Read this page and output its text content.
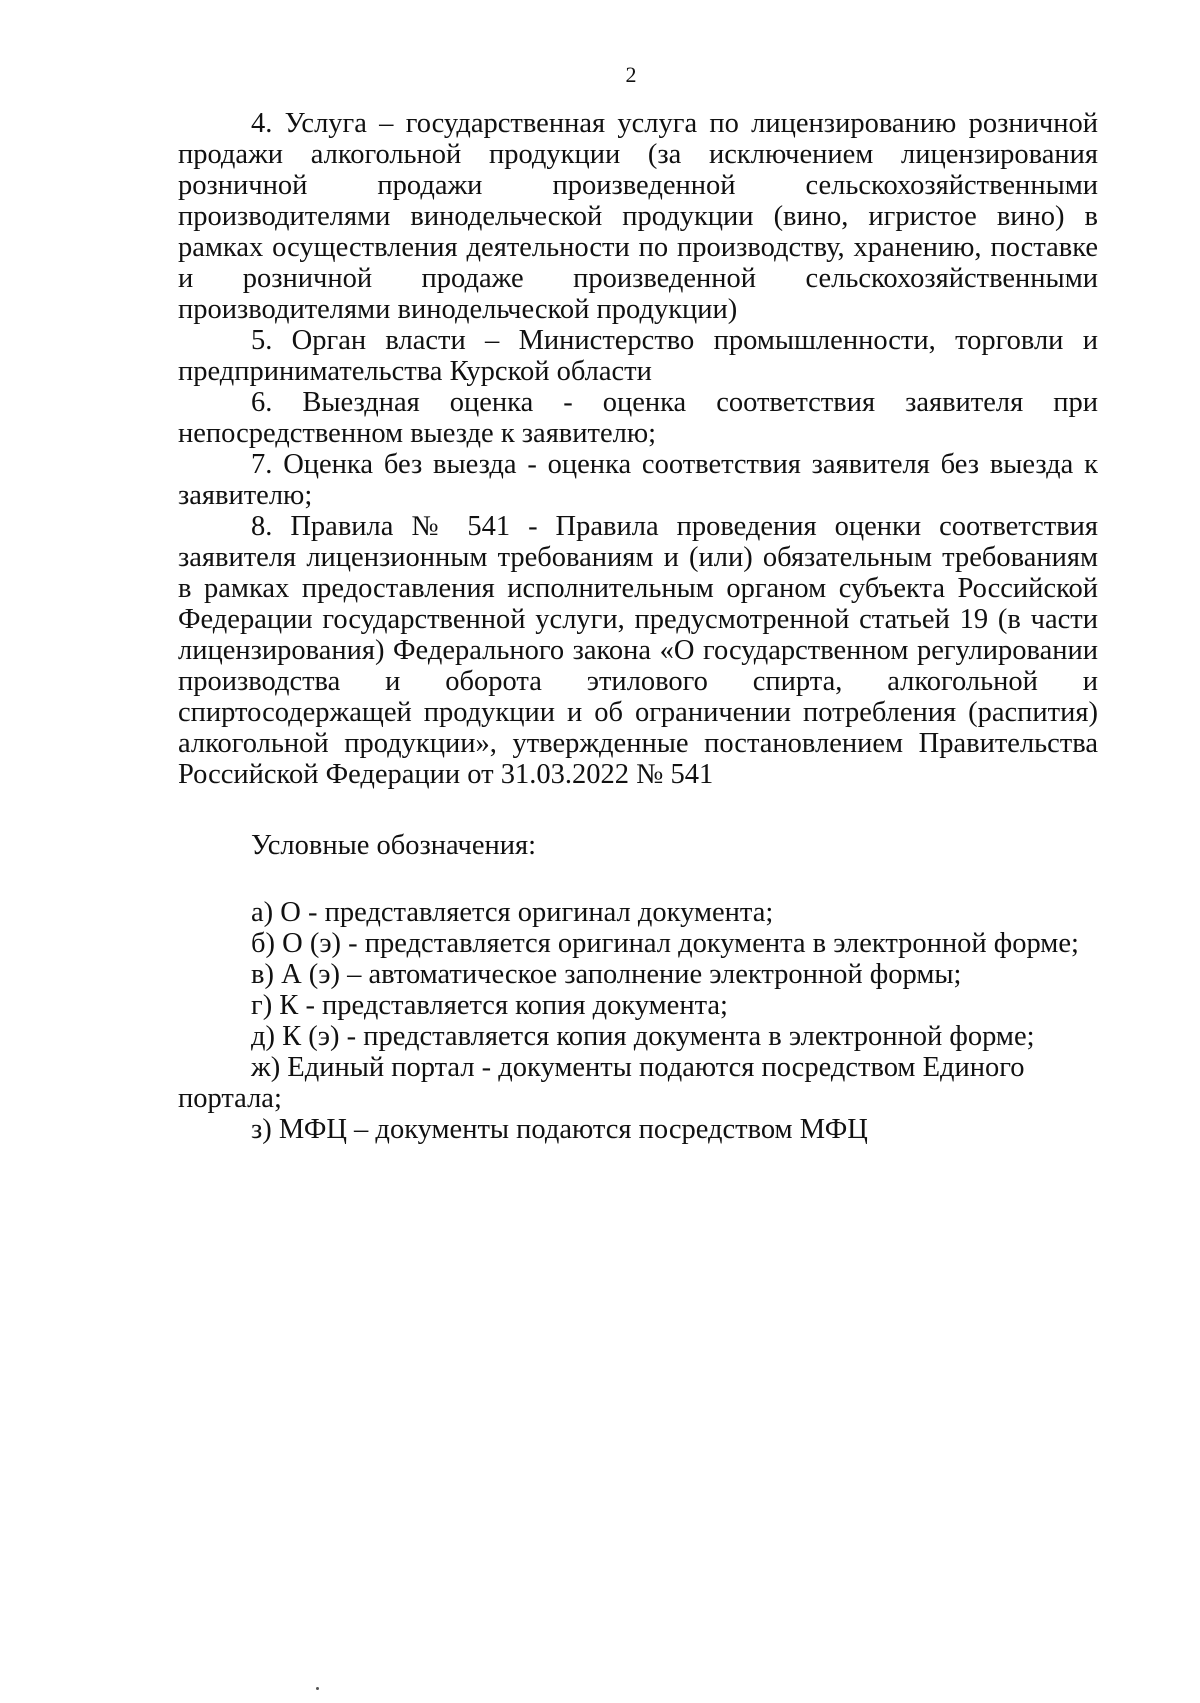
2

4. Услуга – государственная услуга по лицензированию розничной продажи алкогольной продукции (за исключением лицензирования розничной продажи произведенной сельскохозяйственными производителями винодельческой продукции (вино, игристое вино) в рамках осуществления деятельности по производству, хранению, поставке и розничной продаже произведенной сельскохозяйственными производителями винодельческой продукции)

5. Орган власти – Министерство промышленности, торговли и предпринимательства Курской области

6. Выездная оценка - оценка соответствия заявителя при непосредственном выезде к заявителю;

7. Оценка без выезда - оценка соответствия заявителя без выезда к заявителю;

8. Правила № 541 - Правила проведения оценки соответствия заявителя лицензионным требованиям и (или) обязательным требованиям в рамках предоставления исполнительным органом субъекта Российской Федерации государственной услуги, предусмотренной статьей 19 (в части лицензирования) Федерального закона «О государственном регулировании производства и оборота этилового спирта, алкогольной и спиртосодержащей продукции и об ограничении потребления (распития) алкогольной продукции», утвержденные постановлением Правительства Российской Федерации от 31.03.2022 № 541

Условные обозначения:

а) О - представляется оригинал документа;

б) О (э) - представляется оригинал документа в электронной форме;

в) А (э) – автоматическое заполнение электронной формы;

г) К - представляется копия документа;

д) К (э) - представляется копия документа в электронной форме;

ж) Единый портал - документы подаются посредством Единого портала;

з) МФЦ – документы подаются посредством МФЦ
